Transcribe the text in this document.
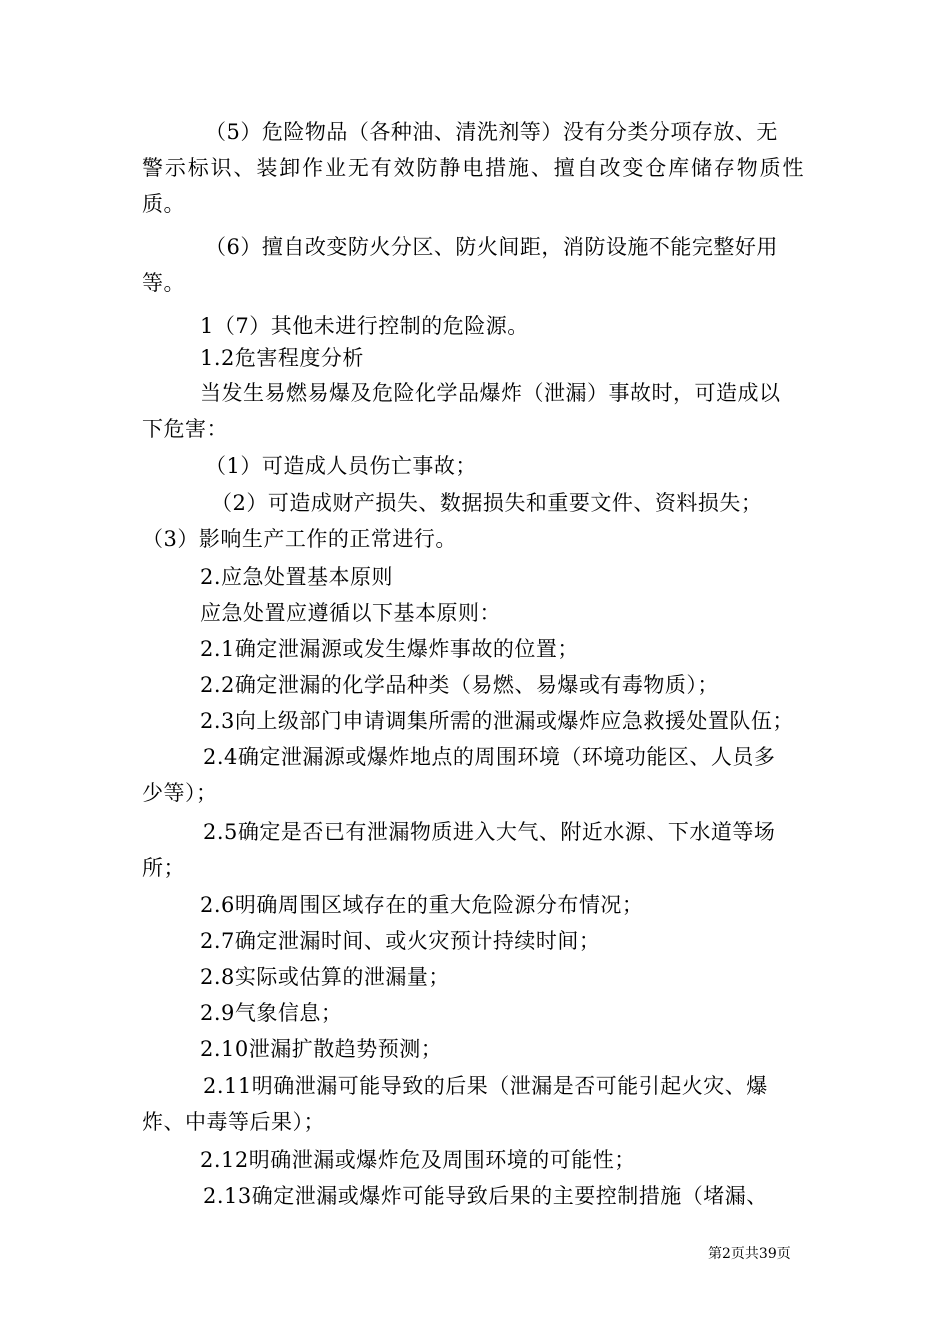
（5）危险物品（各种油、清洗剂等）没有分类分项存放、无
警示标识、装卸作业无有效防静电措施、擅自改变仓库储存物质性
质。
（6）擅自改变防火分区、防火间距，消防设施不能完整好用
等。
1（7）其他未进行控制的危险源。
1.2危害程度分析
当发生易燃易爆及危险化学品爆炸（泄漏）事故时，可造成以
下危害：
（1）可造成人员伤亡事故；
（2）可造成财产损失、数据损失和重要文件、资料损失；
（3）影响生产工作的正常进行。
2.应急处置基本原则
应急处置应遵循以下基本原则：
2.1确定泄漏源或发生爆炸事故的位置；
2.2确定泄漏的化学品种类（易燃、易爆或有毒物质）；
2.3向上级部门申请调集所需的泄漏或爆炸应急救援处置队伍；
2.4确定泄漏源或爆炸地点的周围环境（环境功能区、人员多
少等）；
2.5确定是否已有泄漏物质进入大气、附近水源、下水道等场
所；
2.6明确周围区域存在的重大危险源分布情况；
2.7确定泄漏时间、或火灾预计持续时间；
2.8实际或估算的泄漏量；
2.9气象信息；
2.10泄漏扩散趋势预测；
2.11明确泄漏可能导致的后果（泄漏是否可能引起火灾、爆
炸、中毒等后果）；
2.12明确泄漏或爆炸危及周围环境的可能性；
2.13确定泄漏或爆炸可能导致后果的主要控制措施（堵漏、
第2页共39页
